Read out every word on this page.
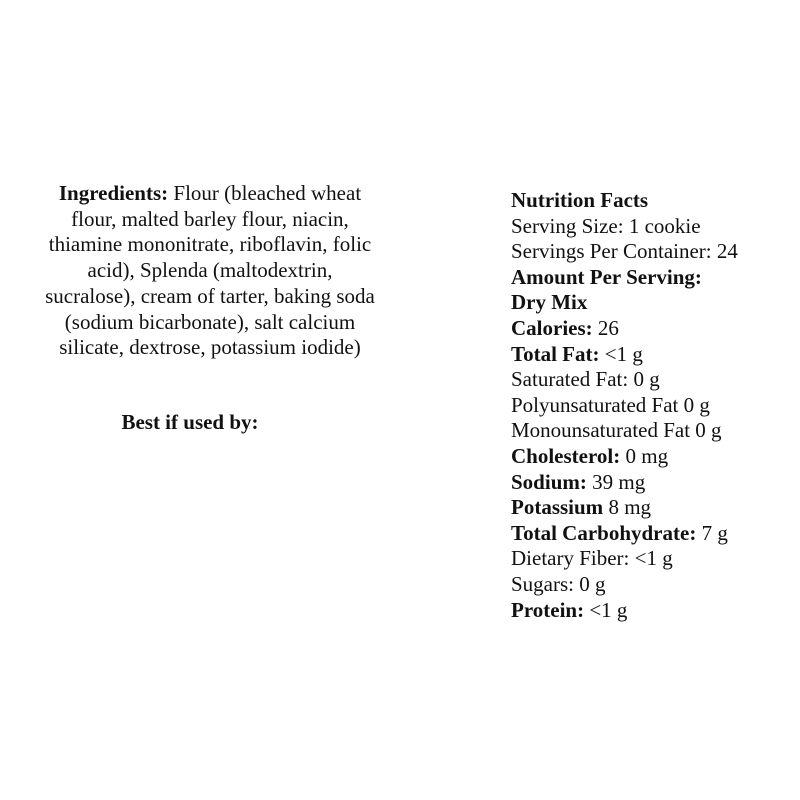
Ingredients: Flour (bleached wheat flour, malted barley flour, niacin, thiamine mononitrate, riboflavin, folic acid), Splenda (maltodextrin, sucralose), cream of tarter, baking soda (sodium bicarbonate), salt calcium silicate, dextrose, potassium iodide)
Best if used by:
Nutrition Facts
Serving Size: 1 cookie
Servings Per Container: 24
Amount Per Serving:
Dry Mix
Calories: 26
Total Fat: <1 g
Saturated Fat: 0 g
Polyunsaturated Fat 0 g
Monounsaturated Fat 0 g
Cholesterol: 0 mg
Sodium: 39 mg
Potassium 8 mg
Total Carbohydrate: 7 g
Dietary Fiber: <1 g
Sugars: 0 g
Protein: <1 g
